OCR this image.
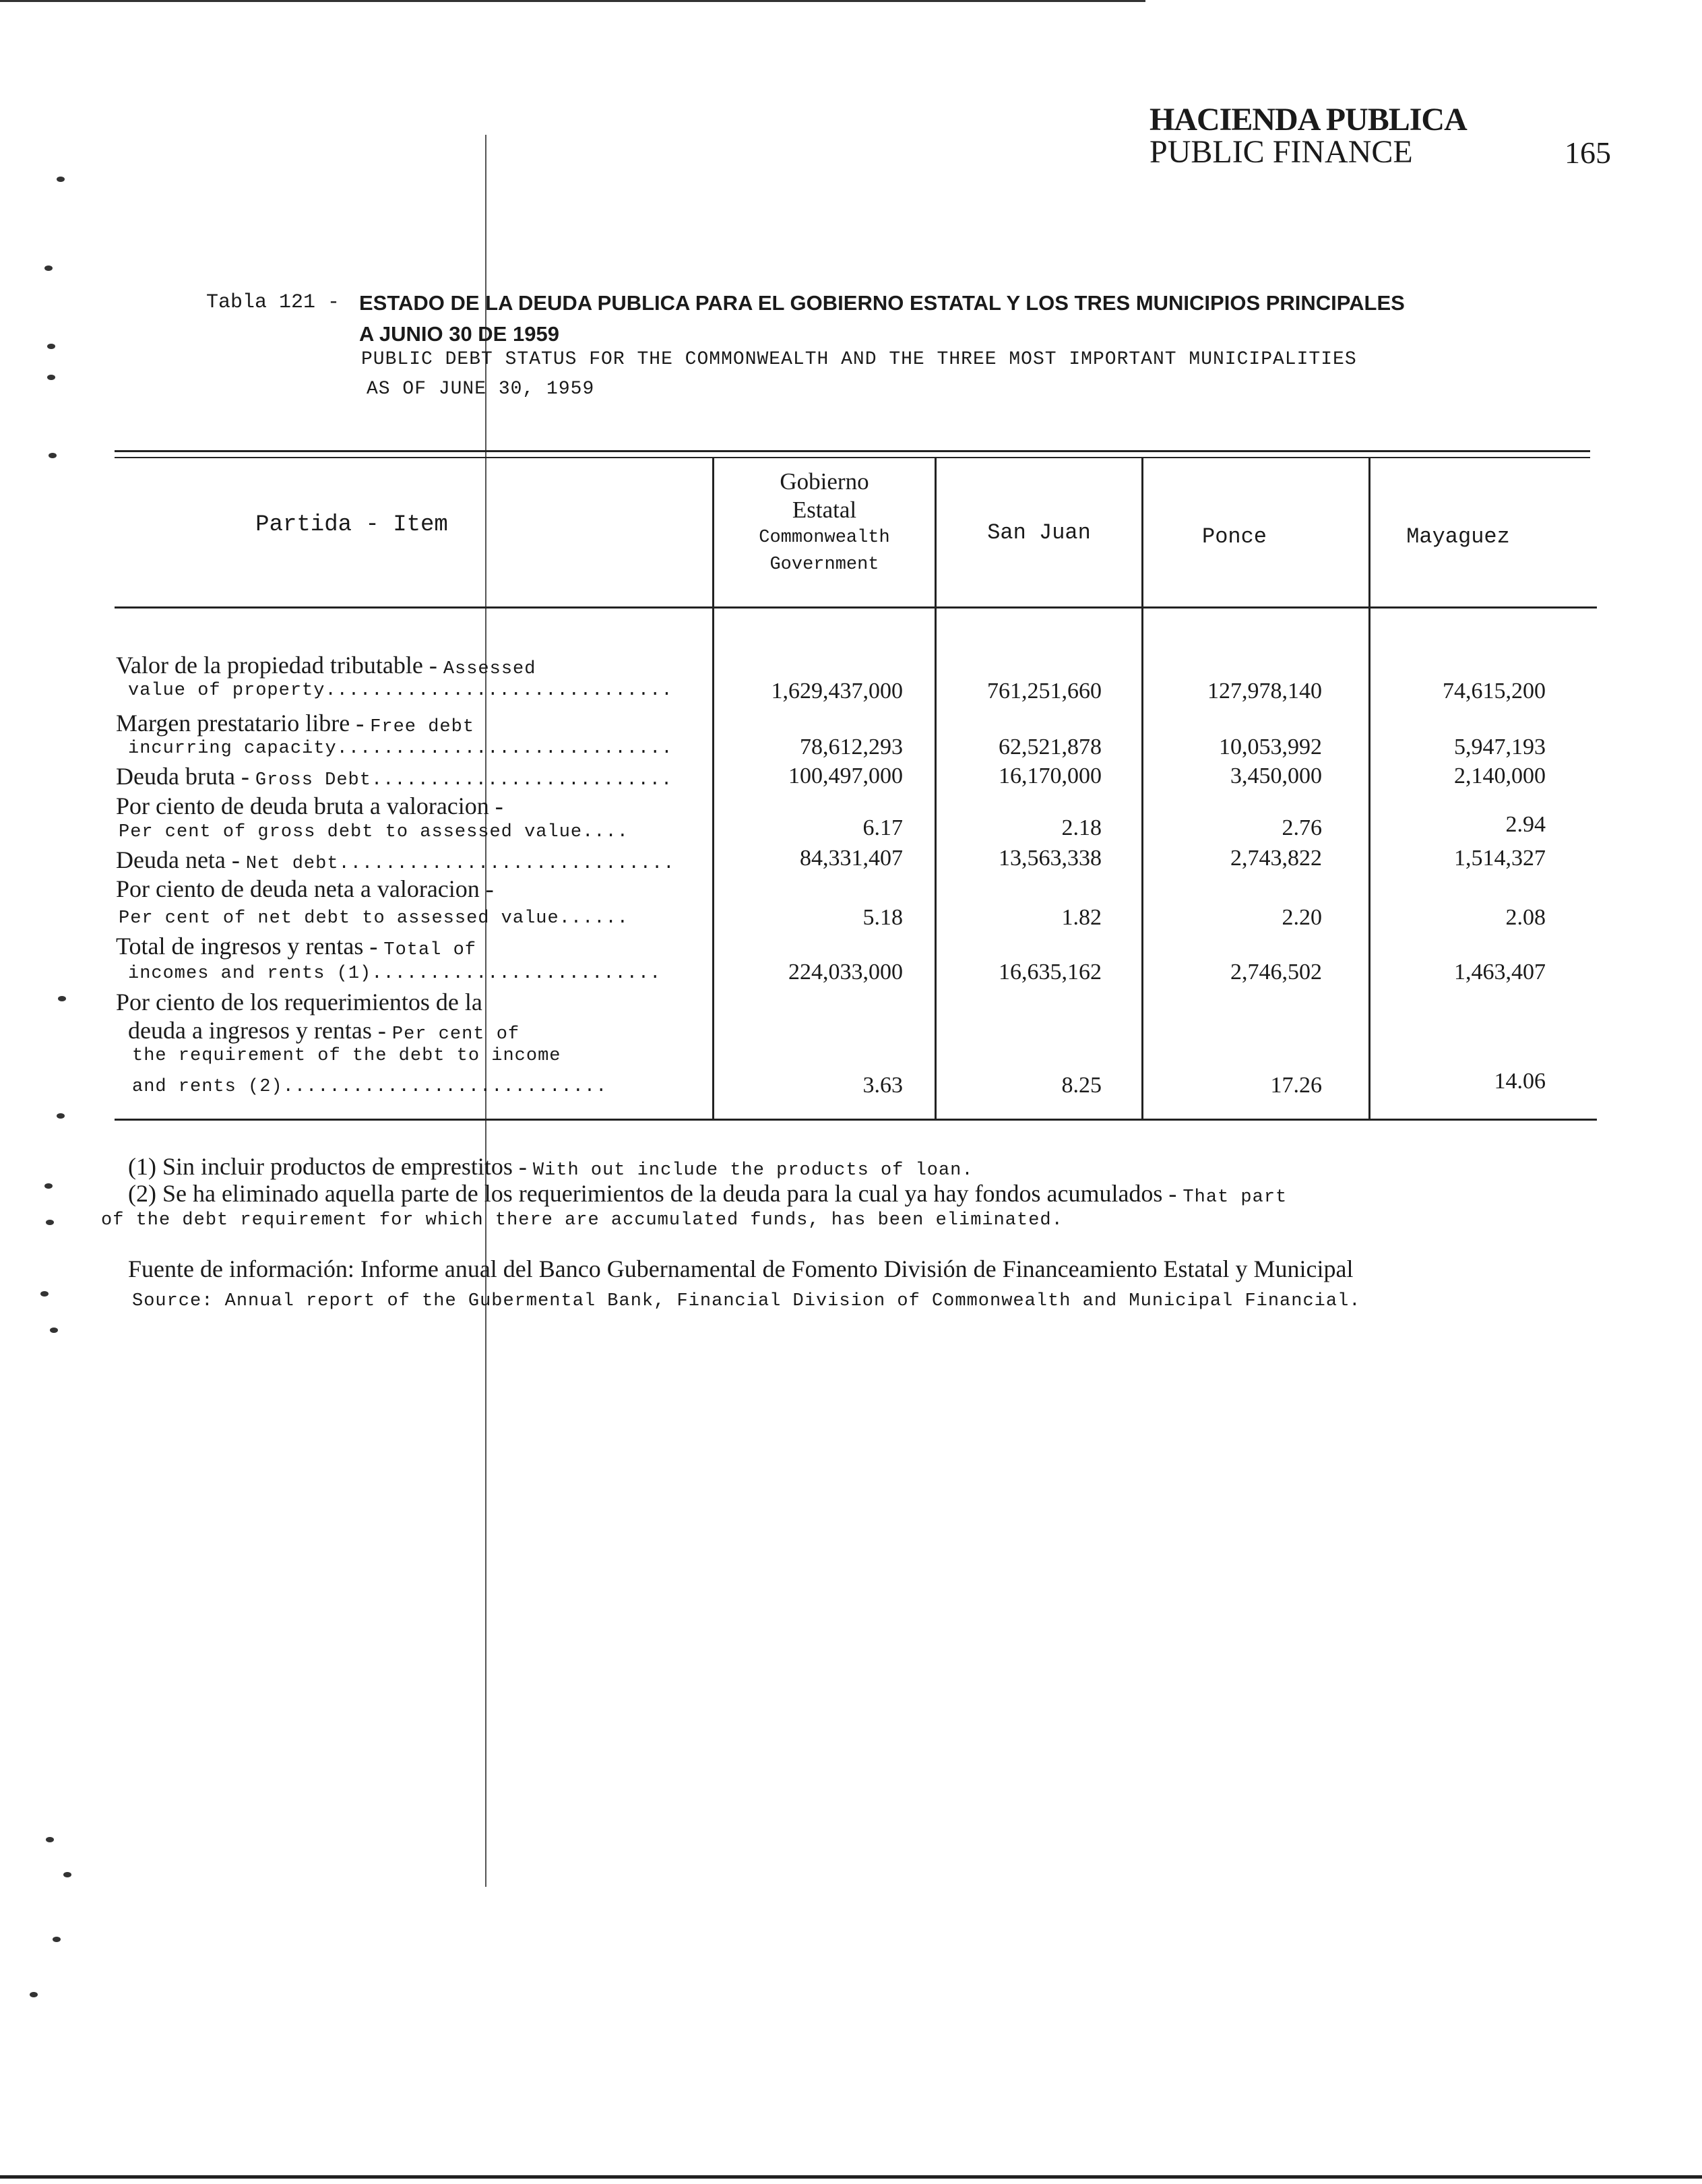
HACIENDA PUBLICA
PUBLIC FINANCE	165
Tabla 121 - ESTADO DE LA DEUDA PUBLICA PARA EL GOBIERNO ESTATAL Y LOS TRES MUNICIPIOS PRINCIPALES
A JUNIO 30 DE 1959
PUBLIC DEBT STATUS FOR THE COMMONWEALTH AND THE THREE MOST IMPORTANT MUNICIPALITIES
AS OF JUNE 30, 1959
Partida - Item
Gobierno
Estatal
Commonwealth
Government
San Juan	Ponce	Mayaguez
Valor de la propiedad tributable - Assessed
value of property..............................	1,629,437,000	761,251,660	127,978,140	74,615,200
Margen prestatario libre - Free debt
incurring capacity.............................	78,612,293	62,521,878	10,053,992	5,947,193
Deuda bruta - Gross Debt..........................	100,497,000	16,170,000	3,450,000	2,140,000
Por ciento de deuda bruta a valoracion -
Per cent of gross debt to assessed value....	6.17	2.18	2.76	2.94
Deuda neta - Net debt.............................	84,331,407	13,563,338	2,743,822	1,514,327
Por ciento de deuda neta a valoracion -
Per cent of net debt to assessed value......	5.18	1.82	2.20	2.08
Total de ingresos y rentas - Total of
incomes and rents (1).........................	224,033,000	16,635,162	2,746,502	1,463,407
Por ciento de los requerimientos de la
deuda a ingresos y rentas - Per cent of
the requirement of the debt to income
and rents (2)............................	3.63	8.25	17.26	14.06
(1) Sin incluir productos de emprestitos - With out include the products of loan.
(2) Se ha eliminado aquella parte de los requerimientos de la deuda para la cual ya hay fondos acumulados - That part
of the debt requirement for which there are accumulated funds, has been eliminated.
Fuente de información: Informe anual del Banco Gubernamental de Fomento División de Financeamiento Estatal y Municipal
Source: Annual report of the Gubermental Bank, Financial Division of Commonwealth and Municipal Financial.
